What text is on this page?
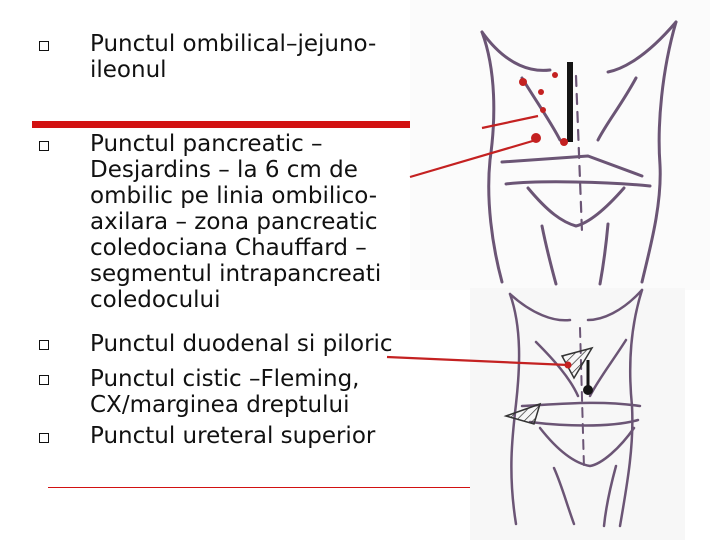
Punctul ombilical–jejuno-
ileonul
Punctul pancreatic –
Desjardins – la 6 cm de
ombilic pe linia ombilico-
axilara – zona pancreatic
coledociana Chauffard –
segmentul intrapancreati
coledocului
Punctul duodenal si piloric
Punctul cistic –Fleming,
CX/marginea dreptului
Punctul ureteral superior
